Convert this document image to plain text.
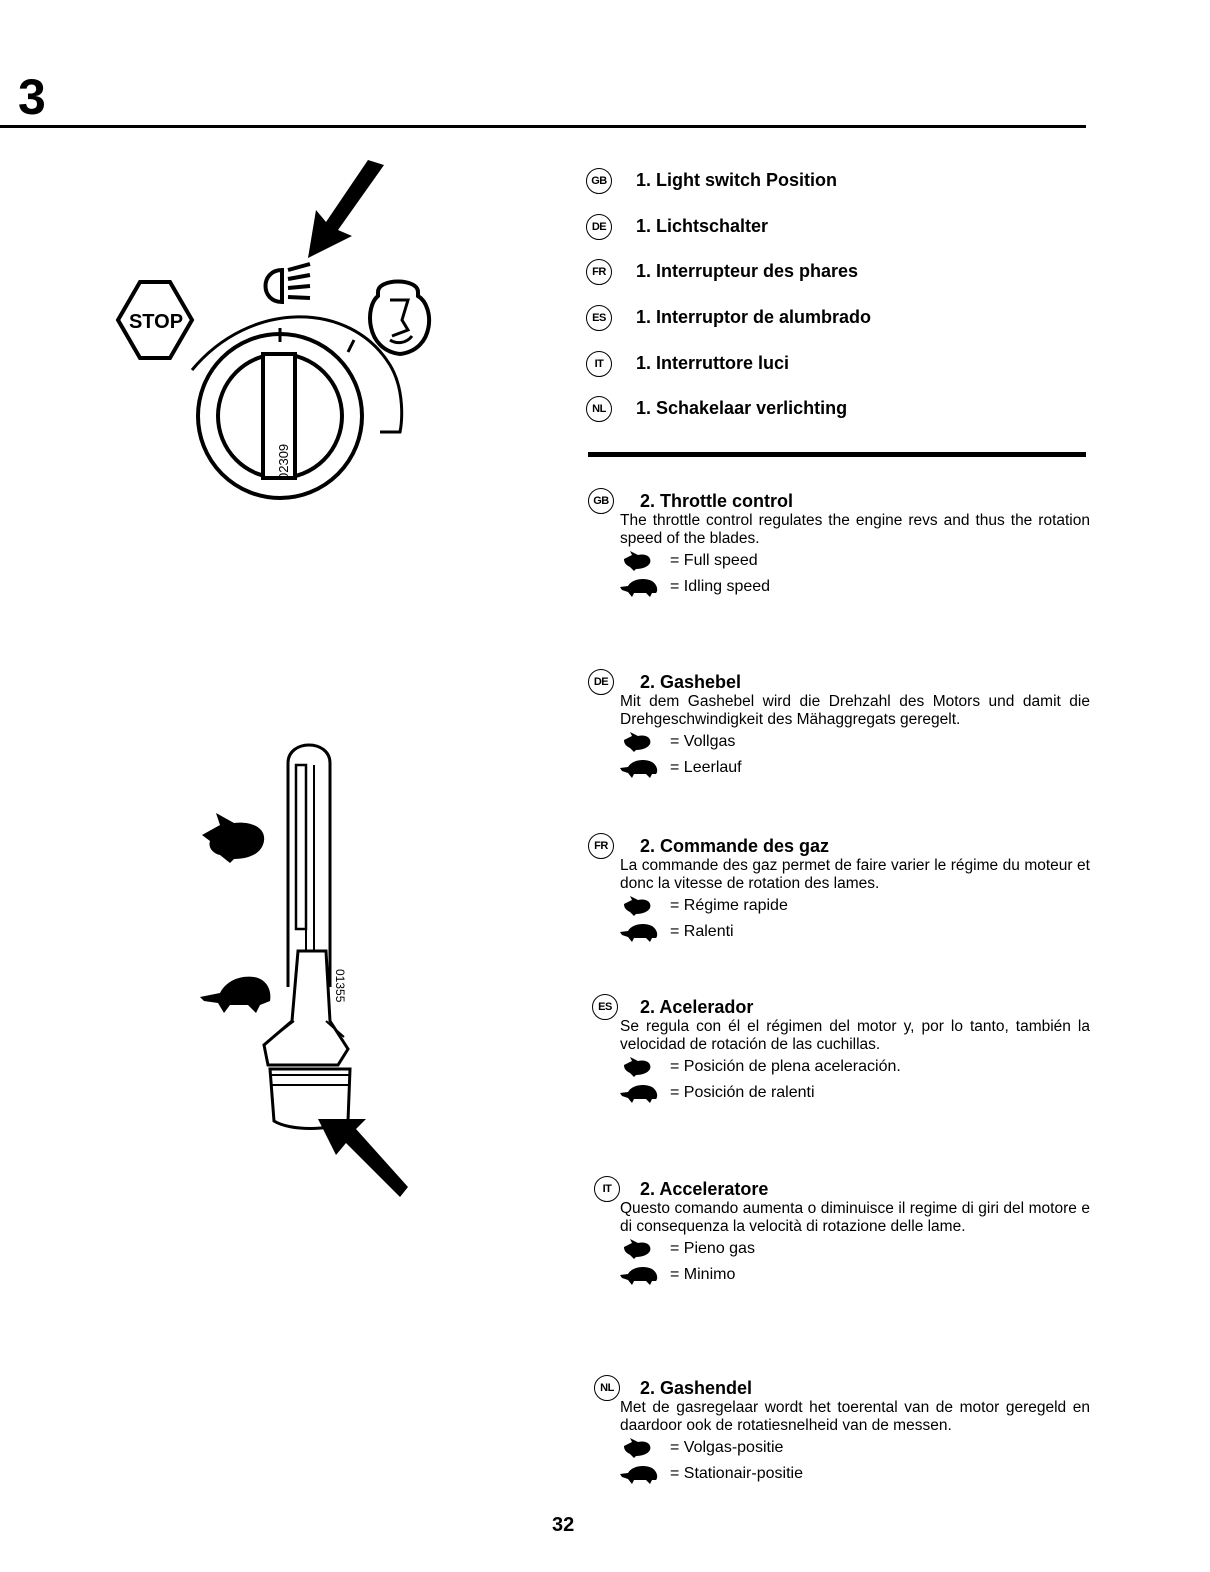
3
STOP
02309
01355
GB 1. Light switch Position
DE	1. Lichtschalter
FR	1. Interrupteur des phares
ES	1. Interruptor de alumbrado
IT	1. Interruttore luci
NL	1. Schakelaar verlichting
GB 2. Throttle control
The throttle control regulates the engine revs and thus the rotation speed of the blades.
= Full speed
= Idling speed
DE	2. Gashebel
Mit dem Gashebel wird die Drehzahl des Motors und damit die Drehgeschwindigkeit des Mähaggregats geregelt.
= Vollgas
= Leerlauf
FR	2. Commande des gaz
La commande des gaz permet de faire varier le régime du moteur et donc la vitesse de rotation des lames.
= Régime rapide
= Ralenti
ES	2. Acelerador
Se regula con él el régimen del motor y, por lo tanto, también la velocidad de rotación de las cuchillas.
= Posición de plena aceleración.
= Posición de ralenti
IT	2. Acceleratore
Questo comando aumenta o diminuisce il regime di giri del motore e di consequenza la velocità di rotazione delle lame.
= Pieno gas
= Minimo
NL	2. Gashendel
Met de gasregelaar wordt het toerental van de motor geregeld en daardoor ook de rotatiesnelheid van de messen.
= Volgas-positie
= Stationair-positie
32
